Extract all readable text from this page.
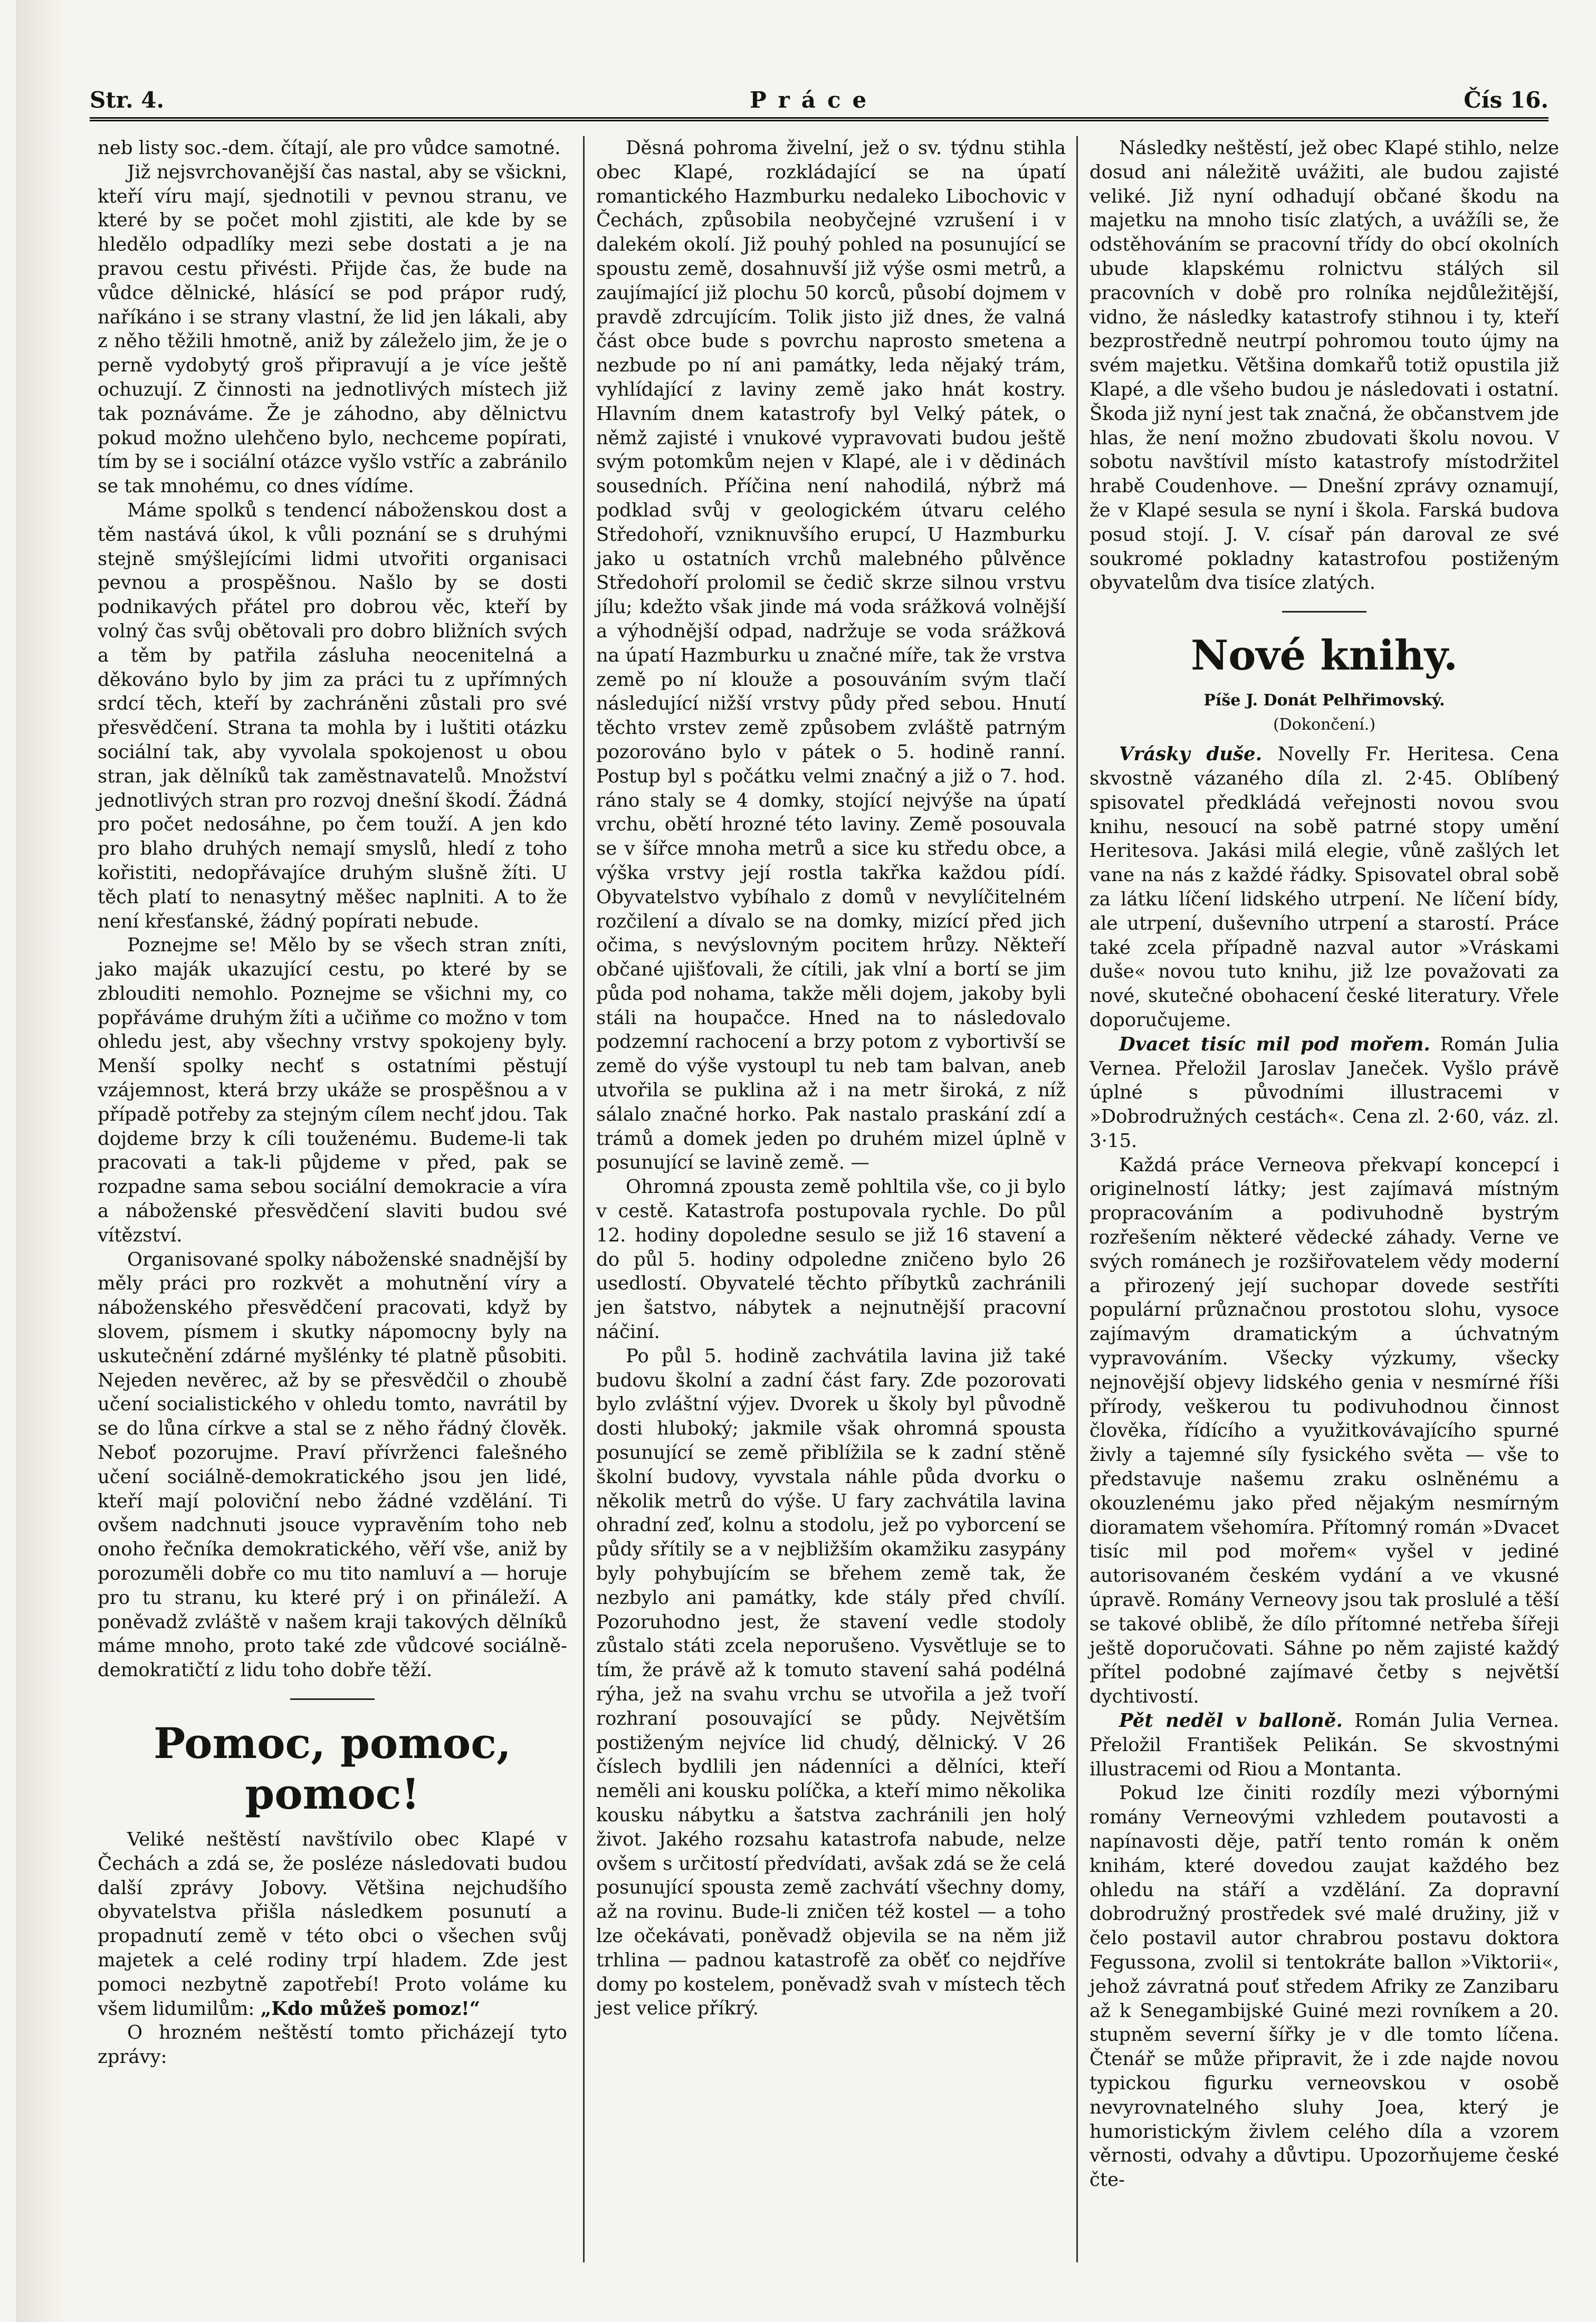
Str. 4.	Práce	Čís 16.

neb listy soc.-dem. čítají, ale pro vůdce samotné.

Již nejsvrchovanější čas nastal, aby se všickni, kteří víru mají, sjednotili v pevnou stranu, ve které by se počet mohl zjistiti, ale kde by se hledělo odpadlíky mezi sebe dostati a je na pravou cestu přivésti. Přijde čas, že bude na vůdce dělnické, hlásící se pod prápor rudý, naříkáno i se strany vlastní, že lid jen lákali, aby z něho těžili hmotně, aniž by záleželo jim, že je o perně vydobytý groš připravují a je více ještě ochuzují. Z činnosti na jednotlivých místech již tak poznáváme. Že je záhodno, aby dělnictvu pokud možno ulehčeno bylo, nechceme popírati, tím by se i sociální otázce vyšlo vstříc a zabránilo se tak mnohému, co dnes vídíme.

Máme spolků s tendencí náboženskou dost a těm nastává úkol, k vůli poznání se s druhými stejně smýšlejícími lidmi utvořiti organisaci pevnou a prospěšnou. Našlo by se dosti podnikavých přátel pro dobrou věc, kteří by volný čas svůj obětovali pro dobro bližních svých a těm by patřila zásluha neocenitelná a děkováno bylo by jim za práci tu z upřímných srdcí těch, kteří by zachráněni zůstali pro své přesvědčení. Strana ta mohla by i luštiti otázku sociální tak, aby vyvolala spokojenost u obou stran, jak dělníků tak zaměstnavatelů. Množství jednotlivých stran pro rozvoj dnešní škodí. Žádná pro počet nedosáhne, po čem touží. A jen kdo pro blaho druhých nemají smyslů, hledí z toho kořistiti, nedopřávajíce druhým slušně žíti. U těch platí to nenasytný měšec naplniti. A to že není křesťanské, žádný popírati nebude.

Poznejme se! Mělo by se všech stran zníti, jako maják ukazující cestu, po které by se zblouditi nemohlo. Poznejme se všichni my, co popřáváme druhým žíti a učiňme co možno v tom ohledu jest, aby všechny vrstvy spokojeny byly. Menší spolky nechť s ostatními pěstují vzájemnost, která brzy ukáže se prospěšnou a v případě potřeby za stejným cílem nechť jdou. Tak dojdeme brzy k cíli touženému. Budeme-li tak pracovati a tak-li půjdeme v před, pak se rozpadne sama sebou sociální demokracie a víra a náboženské přesvědčení slaviti budou své vítězství.

Organisované spolky náboženské snadnější by měly práci pro rozkvět a mohutnění víry a náboženského přesvědčení pracovati, když by slovem, písmem i skutky nápomocny byly na uskutečnění zdárné myšlénky té platně působiti. Nejeden nevěrec, až by se přesvědčil o zhoubě učení socialistického v ohledu tomto, navrátil by se do lůna církve a stal se z něho řádný člověk. Neboť pozorujme. Praví přívrženci falešného učení sociálně-demokratického jsou jen lidé, kteří mají poloviční nebo žádné vzdělání. Ti ovšem nadchnuti jsouce vypravěním toho neb onoho řečníka demokratického, věří vše, aniž by porozuměli dobře co mu tito namluví a — horuje pro tu stranu, ku které prý i on přináleží. A poněvadž zvláště v našem kraji takových dělníků máme mnoho, proto také zde vůdcové sociálně-demokratičtí z lidu toho dobře těží.

Pomoc, pomoc, pomoc!

Veliké neštěstí navštívilo obec Klapé v Čechách a zdá se, že posléze následovati budou další zprávy Jobovy. Většina nejchudšího obyvatelstva přišla následkem posunutí a propadnutí země v této obci o všechen svůj majetek a celé rodiny trpí hladem. Zde jest pomoci nezbytně zapotřebí! Proto voláme ku všem lidumilům: „Kdo můžeš pomoz!“

O hrozném neštěstí tomto přicházejí tyto zprávy:

Děsná pohroma živelní, jež o sv. týdnu stihla obec Klapé, rozkládající se na úpatí romantického Hazmburku nedaleko Libochovic v Čechách, způsobila neobyčejné vzrušení i v dalekém okolí. Již pouhý pohled na posunující se spoustu země, dosahnuvší již výše osmi metrů, a zaujímající již plochu 50 korců, působí dojmem v pravdě zdrcujícím. Tolik jisto již dnes, že valná část obce bude s povrchu naprosto smetena a nezbude po ní ani památky, leda nějaký trám, vyhlídající z laviny země jako hnát kostry. Hlavním dnem katastrofy byl Velký pátek, o němž zajisté i vnukové vypravovati budou ještě svým potomkům nejen v Klapé, ale i v dědinách sousedních. Příčina není nahodilá, nýbrž má podklad svůj v geologickém útvaru celého Středohoří, vzniknuvšího erupcí, U Hazmburku jako u ostatních vrchů malebného půlvěnce Středohoří prolomil se čedič skrze silnou vrstvu jílu; kdežto však jinde má voda srážková volnější a výhodnější odpad, nadržuje se voda srážková na úpatí Hazmburku u značné míře, tak že vrstva země po ní klouže a posouváním svým tlačí následující nižší vrstvy půdy před sebou. Hnutí těchto vrstev země způsobem zvláště patrným pozorováno bylo v pátek o 5. hodině ranní. Postup byl s počátku velmi značný a již o 7. hod. ráno staly se 4 domky, stojící nejvýše na úpatí vrchu, obětí hrozné této laviny. Země posouvala se v šířce mnoha metrů a sice ku středu obce, a výška vrstvy její rostla takřka každou pídí. Obyvatelstvo vybíhalo z domů v nevylíčitelném rozčilení a dívalo se na domky, mizící před jich očima, s nevýslovným pocitem hrůzy. Někteří občané ujišťovali, že cítili, jak vlní a bortí se jim půda pod nohama, takže měli dojem, jakoby byli stáli na houpačce. Hned na to následovalo podzemní rachocení a brzy potom z vybortivší se země do výše vystoupl tu neb tam balvan, aneb utvořila se puklina až i na metr široká, z níž sálalo značné horko. Pak nastalo praskání zdí a trámů a domek jeden po druhém mizel úplně v posunující se lavině země. —

Ohromná zpousta země pohltila vše, co ji bylo v cestě. Katastrofa postupovala rychle. Do půl 12. hodiny dopoledne sesulo se již 16 stavení a do půl 5. hodiny odpoledne zničeno bylo 26 usedlostí. Obyvatelé těchto příbytků zachránili jen šatstvo, nábytek a nejnutnější pracovní náčiní.

Po půl 5. hodině zachvátila lavina již také budovu školní a zadní část fary. Zde pozorovati bylo zvláštní výjev. Dvorek u školy byl původně dosti hluboký; jakmile však ohromná spousta posunující se země přiblížila se k zadní stěně školní budovy, vyvstala náhle půda dvorku o několik metrů do výše. U fary zachvátila lavina ohradní zeď, kolnu a stodolu, jež po vyborcení se půdy sřítily se a v nejbližším okamžiku zasypány byly pohybujícím se břehem země tak, že nezbylo ani památky, kde stály před chvílí. Pozoruhodno jest, že stavení vedle stodoly zůstalo státi zcela neporušeno. Vysvětluje se to tím, že právě až k tomuto stavení sahá podélná rýha, jež na svahu vrchu se utvořila a jež tvoří rozhraní posouvající se půdy. Největším postiženým nejvíce lid chudý, dělnický. V 26 číslech bydlili jen nádenníci a dělníci, kteří neměli ani kousku políčka, a kteří mimo několika kousku nábytku a šatstva zachránili jen holý život. Jakého rozsahu katastrofa nabude, nelze ovšem s určitostí předvídati, avšak zdá se že celá posunující spousta země zachvátí všechny domy, až na rovinu. Bude-li zničen též kostel — a toho lze očekávati, poněvadž objevila se na něm již trhlina — padnou katastrofě za oběť co nejdříve domy po kostelem, poněvadž svah v místech těch jest velice příkrý.

Následky neštěstí, jež obec Klapé stihlo, nelze dosud ani náležitě uvážiti, ale budou zajisté veliké. Již nyní odhadují občané škodu na majetku na mnoho tisíc zlatých, a uvážíli se, že odstěhováním se pracovní třídy do obcí okolních ubude klapskému rolnictvu stálých sil pracovních v době pro rolníka nejdůležitější, vidno, že následky katastrofy stihnou i ty, kteří bezprostředně neutrpí pohromou touto újmy na svém majetku. Většina domkařů totiž opustila již Klapé, a dle všeho budou je následovati i ostatní. Škoda již nyní jest tak značná, že občanstvem jde hlas, že není možno zbudovati školu novou. V sobotu navštívil místo katastrofy místodržitel hrabě Coudenhove. — Dnešní zprávy oznamují, že v Klapé sesula se nyní i škola. Farská budova posud stojí. J. V. císař pán daroval ze své soukromé pokladny katastrofou postiženým obyvatelům dva tisíce zlatých.

Nové knihy.
Píše J. Donát Pelhřimovský.
(Dokončení.)

Vrásky duše. Novelly Fr. Heritesa. Cena skvostně vázaného díla zl. 2·45. Oblíbený spisovatel předkládá veřejnosti novou svou knihu, nesoucí na sobě patrné stopy umění Heritesova. Jakási milá elegie, vůně zašlých let vane na nás z každé řádky. Spisovatel obral sobě za látku líčení lidského utrpení. Ne líčení bídy, ale utrpení, duševního utrpení a starostí. Práce také zcela případně nazval autor »Vráskami duše« novou tuto knihu, již lze považovati za nové, skutečné obohacení české literatury. Vřele doporučujeme.

Dvacet tisíc mil pod mořem. Román Julia Vernea. Přeložil Jaroslav Janeček. Vyšlo právě úplné s původními illustracemi v »Dobrodružných cestách«. Cena zl. 2·60, váz. zl. 3·15.

Každá práce Verneova překvapí koncepcí i originelností látky; jest zajímavá místným propracováním a podivuhodně bystrým rozřešením některé vědecké záhady. Verne ve svých románech je rozšiřovatelem vědy moderní a přirozený její suchopar dovede sestříti populární průznačnou prostotou slohu, vysoce zajímavým dramatickým a úchvatným vypravováním. Všecky výzkumy, všecky nejnovější objevy lidského genia v nesmírné říši přírody, veškerou tu podivuhodnou činnost člověka, řídícího a využitkovávajícího spurné živly a tajemné síly fysického světa — vše to představuje našemu zraku oslněnému a okouzlenému jako před nějakým nesmírným dioramatem všehomíra. Přítomný román »Dvacet tisíc mil pod mořem« vyšel v jediné autorisovaném českém vydání a ve vkusné úpravě. Romány Verneovy jsou tak proslulé a těší se takové oblibě, že dílo přítomné netřeba šířeji ještě doporučovati. Sáhne po něm zajisté každý přítel podobné zajímavé četby s největší dychtivostí.

Pět neděl v balloně. Román Julia Vernea. Přeložil František Pelikán. Se skvostnými illustracemi od Riou a Montanta.

Pokud lze činiti rozdíly mezi výbornými romány Verneovými vzhledem poutavosti a napínavosti děje, patří tento román k oněm knihám, které dovedou zaujat každého bez ohledu na stáří a vzdělání. Za dopravní dobrodružný prostředek své malé družiny, již v čelo postavil autor chrabrou postavu doktora Fegussona, zvolil si tentokráte ballon »Viktorii«, jehož závratná pouť středem Afriky ze Zanzibaru až k Senegambijské Guiné mezi rovníkem a 20. stupněm severní šířky je v dle tomto líčena. Čtenář se může připravit, že i zde najde novou typickou figurku verneovskou v osobě nevyrovnatelného sluhy Joea, který je humoristickým živlem celého díla a vzorem věrnosti, odvahy a důvtipu. Upozorňujeme české čte-
